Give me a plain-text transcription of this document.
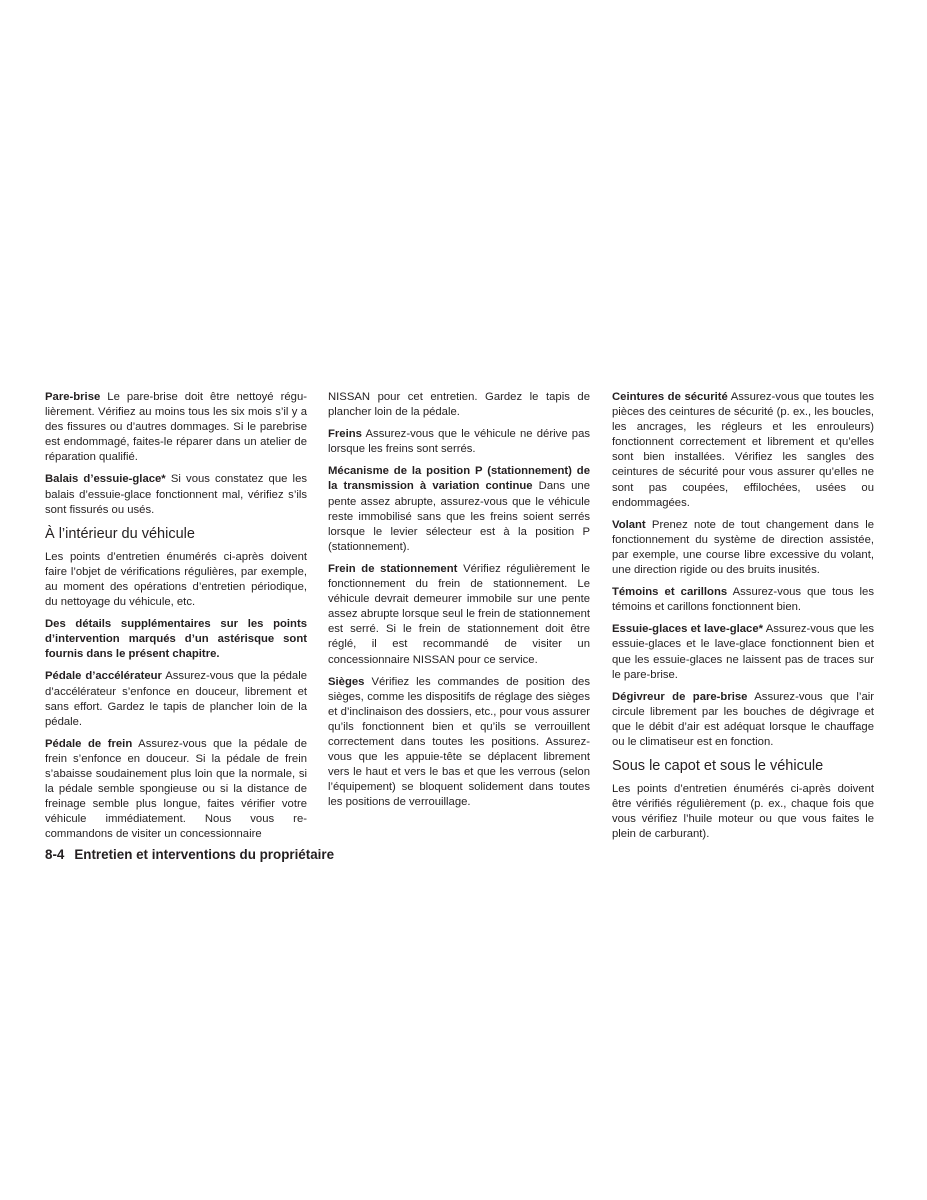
Pare-brise Le pare-brise doit être nettoyé régulièrement. Vérifiez au moins tous les six mois s’il y a des fissures ou d’autres dommages. Si le parebrise est endommagé, faites-le réparer dans un atelier de réparation qualifié.

Balais d’essuie-glace* Si vous constatez que les balais d’essuie-glace fonctionnent mal, vérifiez s’ils sont fissurés ou usés.

À l’intérieur du véhicule

Les points d’entretien énumérés ci-après doivent faire l’objet de vérifications régulières, par exemple, au moment des opérations d’entretien périodique, du nettoyage du véhicule, etc.

Des détails supplémentaires sur les points d’intervention marqués d’un astérisque sont fournis dans le présent chapitre.

Pédale d’accélérateur Assurez-vous que la pédale d’accélérateur s’enfonce en douceur, librement et sans effort. Gardez le tapis de plancher loin de la pédale.

Pédale de frein Assurez-vous que la pédale de frein s’enfonce en douceur. Si la pédale de frein s’abaisse soudainement plus loin que la normale, si la pédale semble spongieuse ou si la distance de freinage semble plus longue, faites vérifier votre véhicule immédiatement. Nous vous recommandons de visiter un concessionnaire

NISSAN pour cet entretien. Gardez le tapis de plancher loin de la pédale.

Freins Assurez-vous que le véhicule ne dérive pas lorsque les freins sont serrés.

Mécanisme de la position P (stationnement) de la transmission à variation continue Dans une pente assez abrupte, assurez-vous que le véhicule reste immobilisé sans que les freins soient serrés lorsque le levier sélecteur est à la position P (stationnement).

Frein de stationnement Vérifiez régulièrement le fonctionnement du frein de stationnement. Le véhicule devrait demeurer immobile sur une pente assez abrupte lorsque seul le frein de stationnement est serré. Si le frein de stationnement doit être réglé, il est recommandé de visiter un concessionnaire NISSAN pour ce service.

Sièges Vérifiez les commandes de position des sièges, comme les dispositifs de réglage des sièges et d’inclinaison des dossiers, etc., pour vous assurer qu’ils fonctionnent bien et qu’ils se verrouillent correctement dans toutes les positions. Assurez-vous que les appuie-tête se déplacent librement vers le haut et vers le bas et que les verrous (selon l’équipement) se bloquent solidement dans toutes les positions de verrouillage.

Ceintures de sécurité Assurez-vous que toutes les pièces des ceintures de sécurité (p. ex., les boucles, les ancrages, les régleurs et les enrouleurs) fonctionnent correctement et librement et qu’elles sont bien installées. Vérifiez les sangles des ceintures de sécurité pour vous assurer qu’elles ne sont pas coupées, effilochées, usées ou endommagées.

Volant Prenez note de tout changement dans le fonctionnement du système de direction assistée, par exemple, une course libre excessive du volant, une direction rigide ou des bruits inusités.

Témoins et carillons Assurez-vous que tous les témoins et carillons fonctionnent bien.

Essuie-glaces et lave-glace* Assurez-vous que les essuie-glaces et le lave-glace fonctionnent bien et que les essuie-glaces ne laissent pas de traces sur le pare-brise.

Dégivreur de pare-brise Assurez-vous que l’air circule librement par les bouches de dégivrage et que le débit d’air est adéquat lorsque le chauffage ou le climatiseur est en fonction.

Sous le capot et sous le véhicule

Les points d’entretien énumérés ci-après doivent être vérifiés régulièrement (p. ex., chaque fois que vous vérifiez l’huile moteur ou que vous faites le plein de carburant).

8-4 Entretien et interventions du propriétaire
